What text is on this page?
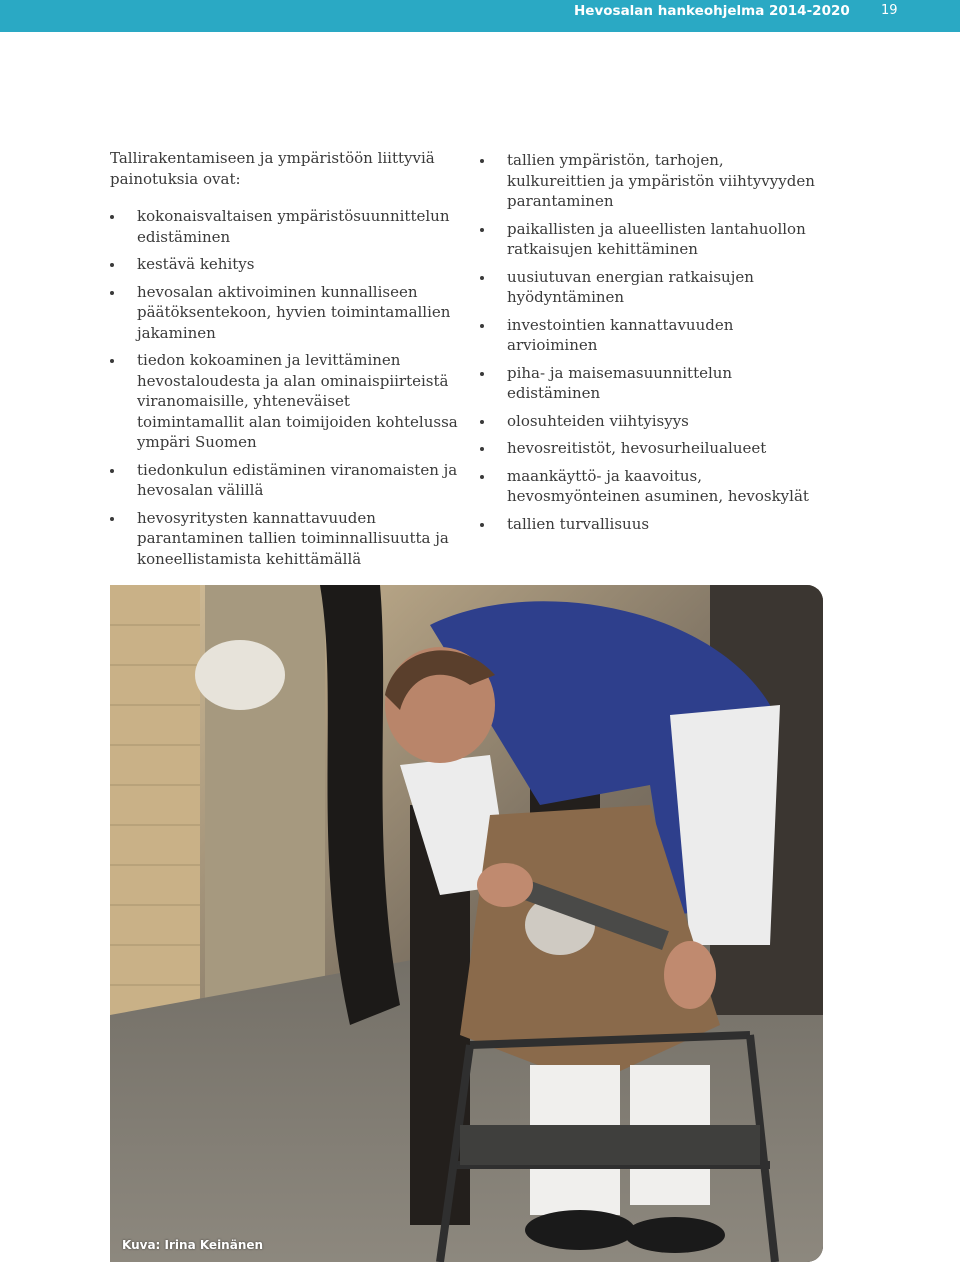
Hevosalan hankeohjelma 2014-2020 19

Tallirakentamiseen ja ympäristöön liittyviä painotuksia ovat:

kokonaisvaltaisen ympäristösuunnittelun edistäminen
kestävä kehitys
hevosalan aktivoiminen kunnalliseen päätöksentekoon, hyvien toimintamallien jakaminen
tiedon kokoaminen ja levittäminen hevostaloudesta ja alan ominaispiirteistä viranomaisille, yhteneväiset toimintamallit alan toimijoiden kohtelussa ympäri Suomen
tiedonkulun edistäminen viranomaisten ja hevosalan välillä
hevosyritysten kannattavuuden parantaminen tallien toiminnallisuutta ja koneellistamista kehittämällä
tallien ympäristön, tarhojen, kulkureittien ja ympäristön viihtyvyyden parantaminen
paikallisten ja alueellisten lantahuollon ratkaisujen kehittäminen
uusiutuvan energian ratkaisujen hyödyntäminen
investointien kannattavuuden arvioiminen
piha- ja maisemasuunnittelun edistäminen
olosuhteiden viihtyisyys
hevosreitistöt, hevosurheilualueet
maankäyttö- ja kaavoitus, hevosmyönteinen asuminen, hevoskylät
tallien turvallisuus
Kuva: Irina Keinänen
